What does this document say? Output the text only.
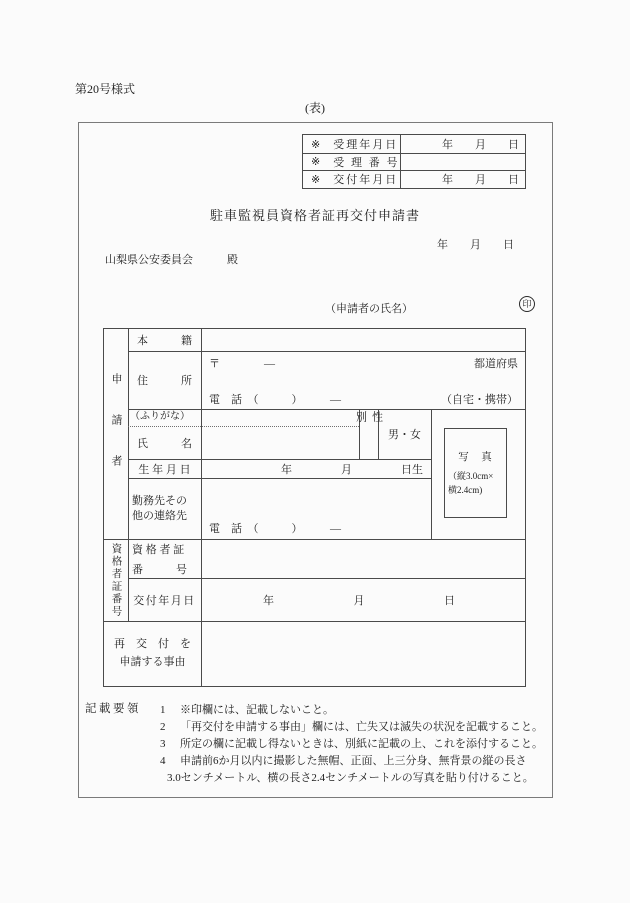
第20号様式
(表)
※ 受理年月日	年　　月　　日
※ 受 理 番 号
※ 交付年月日	年　　月　　日
駐車監視員資格者証再交付申請書
年　　月　　日
山梨県公安委員会	殿
（申請者の氏名）	印
申請者
資格者証番号
本　　　籍
住　　　所
〒　　　　―	都道府県
電　話　（　　　）　　　―	（自宅・携帯）
（ふりがな）
氏　　　名
性別	男・女
写　真
（縦3.0cm×
横2.4cm)
生 年 月 日	年	月	日生
勤務先その
他の連絡先
電　話　（　　　）　　　―
資 格 者 証
番　　　号
交付年月日	年	月	日
再　交　付　を
申請する事由
記載要領 1 ※印欄には、記載しないこと。
2 「再交付を申請する事由」欄には、亡失又は滅失の状況を記載すること。
3 所定の欄に記載し得ないときは、別紙に記載の上、これを添付すること。
4 申請前6か月以内に撮影した無帽、正面、上三分身、無背景の縦の長さ
3.0センチメートル、横の長さ2.4センチメートルの写真を貼り付けること。
